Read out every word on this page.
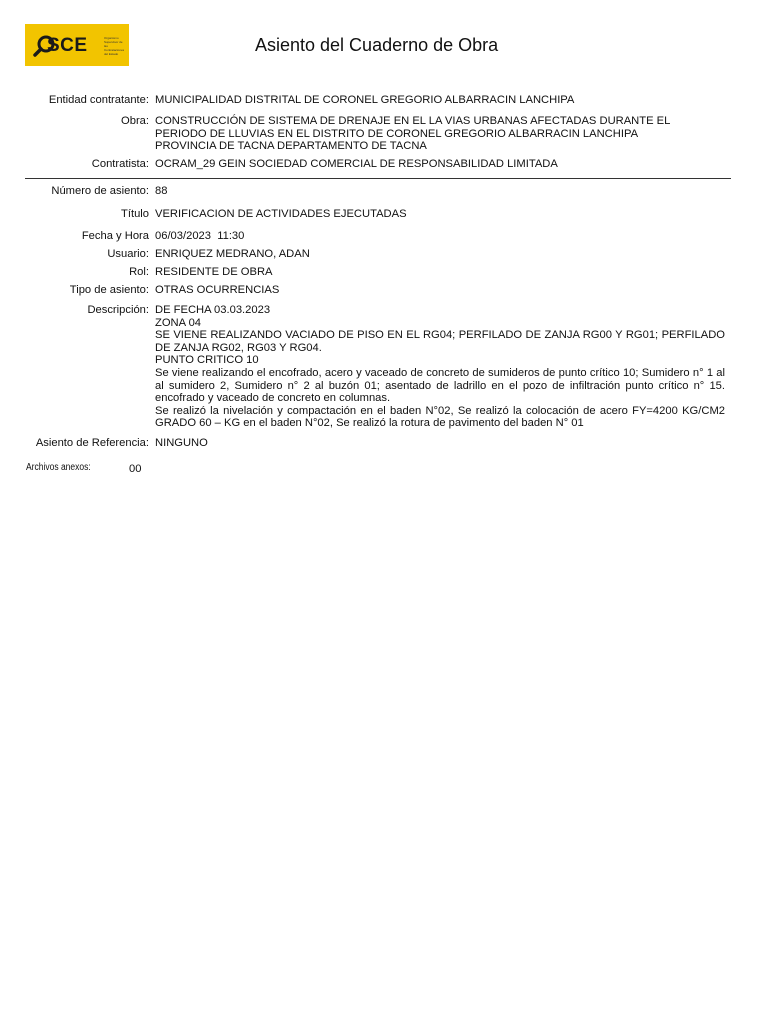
SCE	Organismo Supervisor de las Contrataciones del Estado	Asiento del Cuaderno de Obra
Entidad contratante: MUNICIPALIDAD DISTRITAL DE CORONEL GREGORIO ALBARRACIN LANCHIPA
Obra: CONSTRUCCIÓN DE SISTEMA DE DRENAJE EN EL LA VIAS URBANAS AFECTADAS DURANTE EL PERIODO DE LLUVIAS EN EL DISTRITO DE CORONEL GREGORIO ALBARRACIN LANCHIPA PROVINCIA DE TACNA DEPARTAMENTO DE TACNA
Contratista: OCRAM_29 GEIN SOCIEDAD COMERCIAL DE RESPONSABILIDAD LIMITADA
Número de asiento: 88
Título VERIFICACION DE ACTIVIDADES EJECUTADAS
Fecha y Hora 06/03/2023  11:30
Usuario: ENRIQUEZ MEDRANO, ADAN
Rol: RESIDENTE DE OBRA
Tipo de asiento: OTRAS OCURRENCIAS
Descripción: DE FECHA 03.03.2023

ZONA 04

SE VIENE REALIZANDO VACIADO DE PISO EN EL RG04; PERFILADO DE ZANJA RG00 Y RG01; PERFILADO DE ZANJA RG02, RG03 Y RG04.

PUNTO CRITICO 10

Se viene realizando el encofrado, acero y vaceado de concreto de sumideros de punto crítico 10; Sumidero n° 1 al al sumidero 2, Sumidero n° 2 al buzón 01; asentado de ladrillo en el pozo de infiltración punto crítico n° 15. encofrado y vaceado de concreto en columnas.

Se realizó la nivelación y compactación en el baden N°02, Se realizó la colocación de acero FY=4200 KG/CM2 GRADO 60 – KG en el baden N°02, Se realizó la rotura de pavimento del baden N° 01

Asiento de Referencia: NINGUNO
Archivos anexos:	00
